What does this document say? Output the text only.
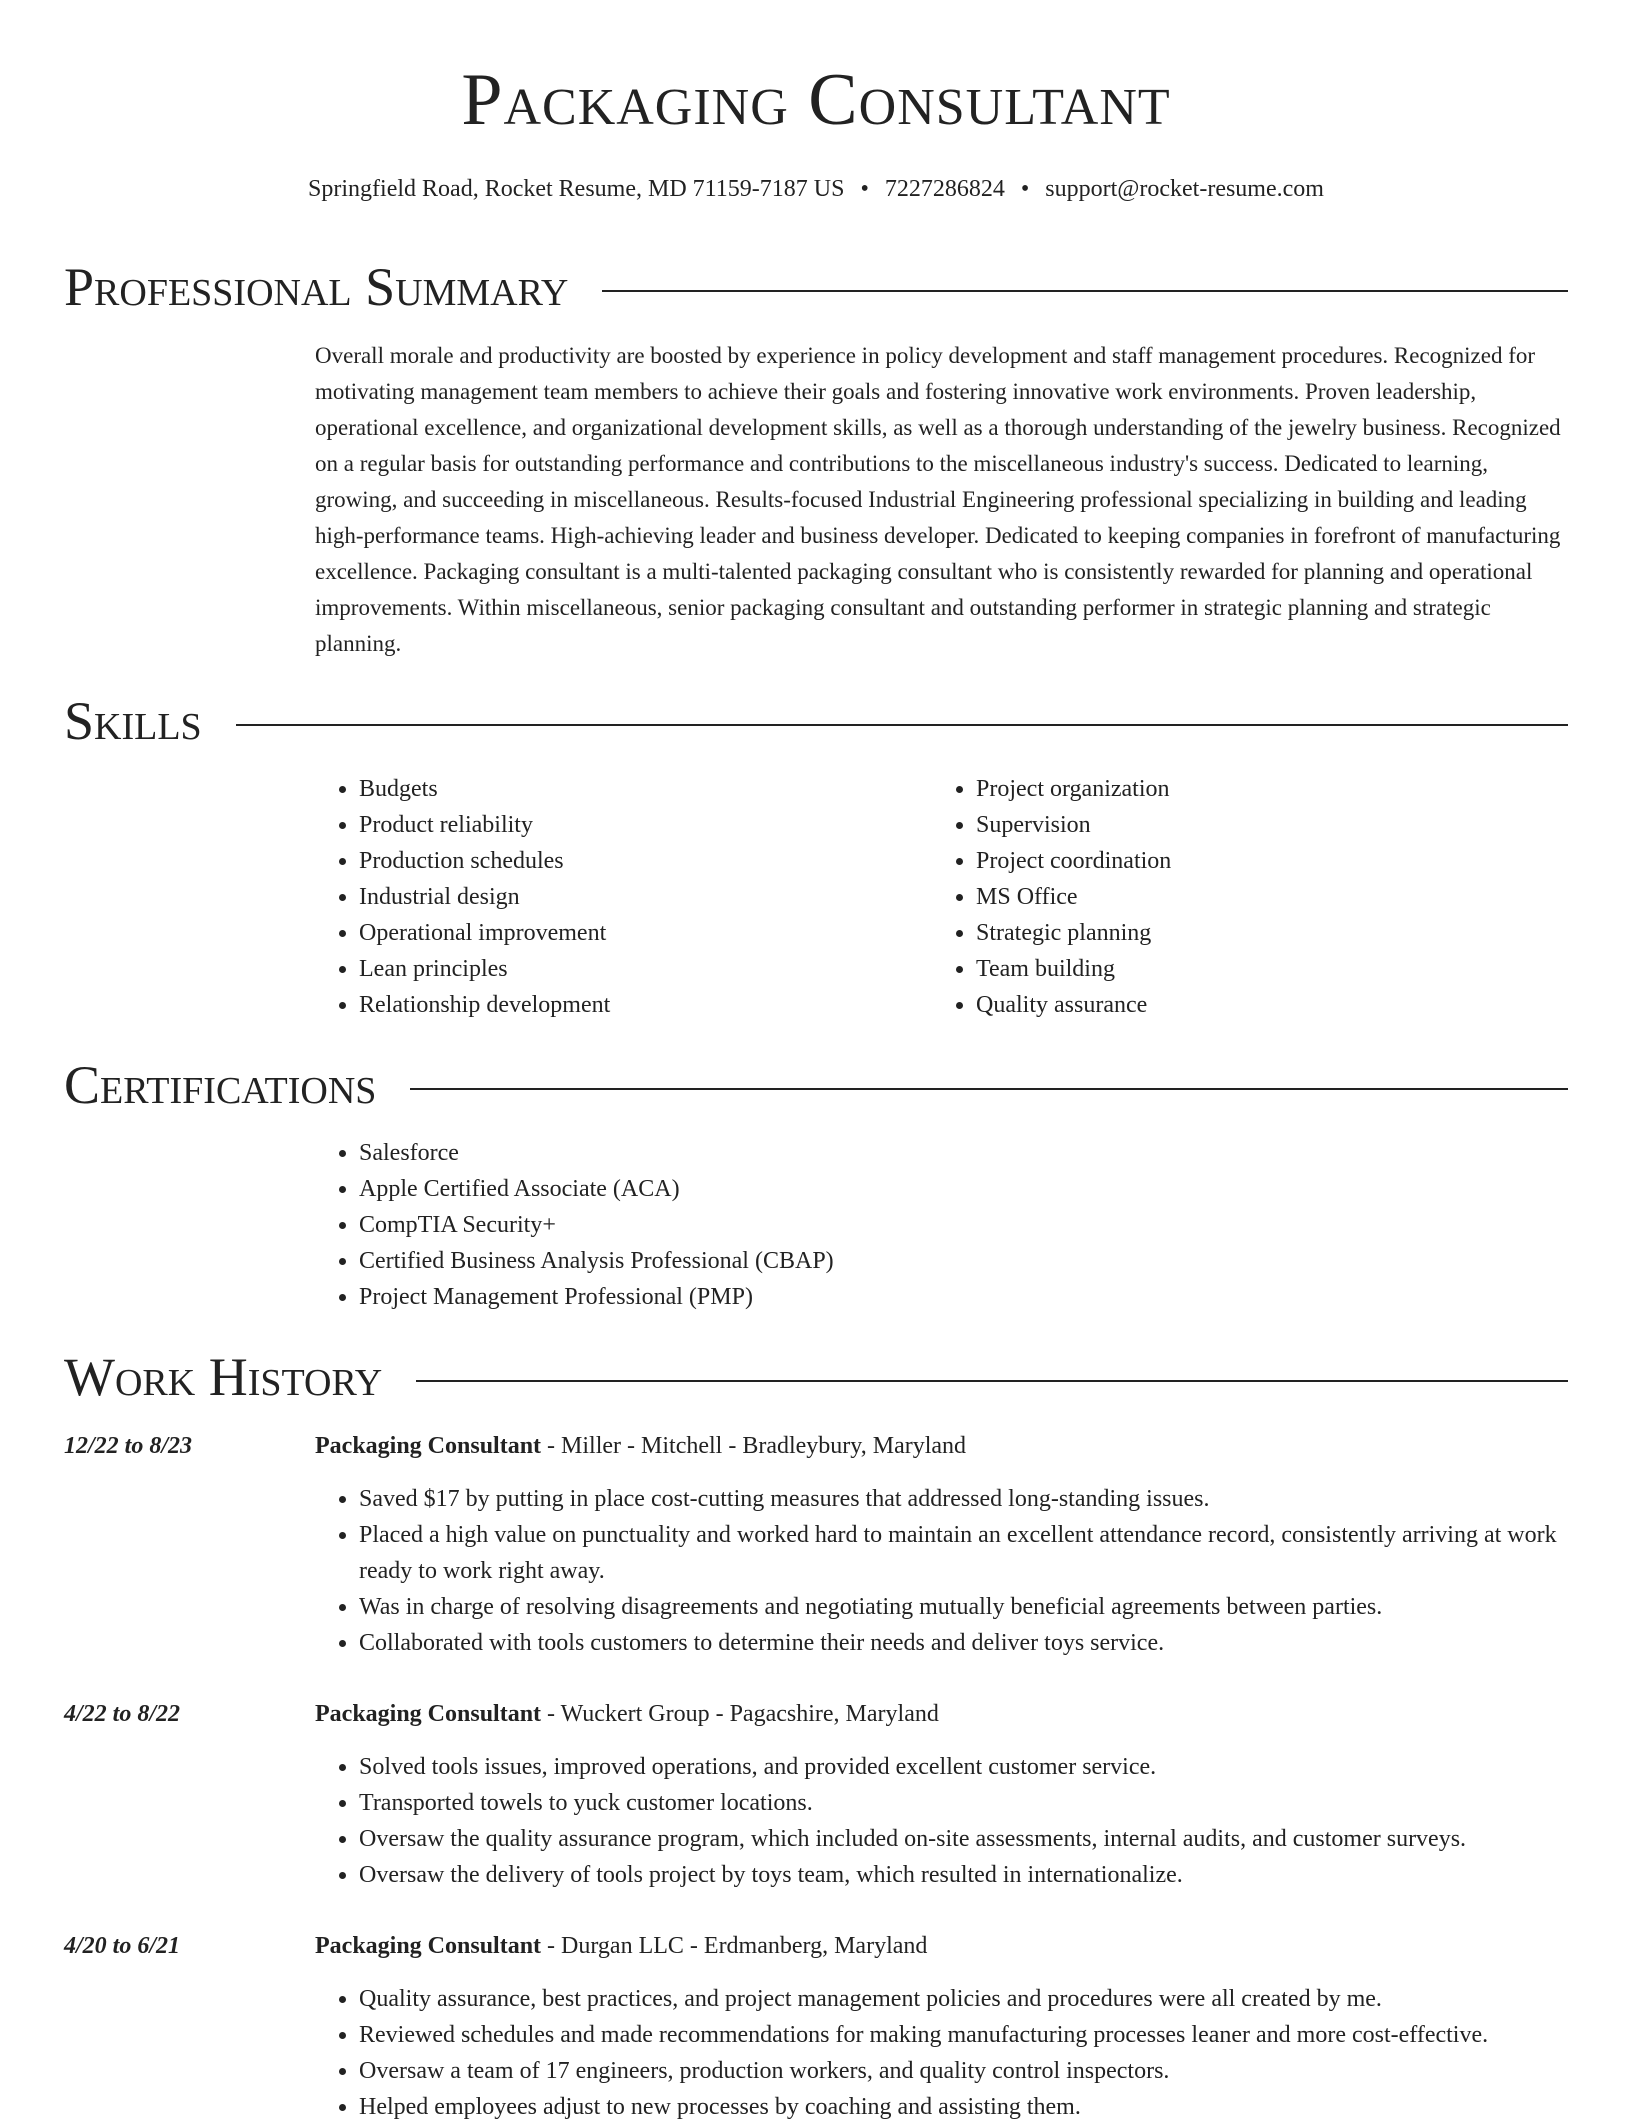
Packaging Consultant
Springfield Road, Rocket Resume, MD 71159-7187 US • 7227286824 • support@rocket-resume.com
Professional Summary

Overall morale and productivity are boosted by experience in policy development and staff management procedures. Recognized for motivating management team members to achieve their goals and fostering innovative work environments. Proven leadership, operational excellence, and organizational development skills, as well as a thorough understanding of the jewelry business. Recognized on a regular basis for outstanding performance and contributions to the miscellaneous industry's success. Dedicated to learning, growing, and succeeding in miscellaneous. Results-focused Industrial Engineering professional specializing in building and leading high-performance teams. High-achieving leader and business developer. Dedicated to keeping companies in forefront of manufacturing excellence. Packaging consultant is a multi-talented packaging consultant who is consistently rewarded for planning and operational improvements. Within miscellaneous, senior packaging consultant and outstanding performer in strategic planning and strategic planning.

Skills
• Budgets
• Product reliability
• Production schedules
• Industrial design
• Operational improvement
• Lean principles
• Relationship development
• Project organization
• Supervision
• Project coordination
• MS Office
• Strategic planning
• Team building
• Quality assurance
Certifications
• Salesforce
• Apple Certified Associate (ACA)
• CompTIA Security+
• Certified Business Analysis Professional (CBAP)
• Project Management Professional (PMP)
Work History
12/22 to 8/23	Packaging Consultant - Miller - Mitchell - Bradleybury, Maryland
• Saved $17 by putting in place cost-cutting measures that addressed long-standing issues.
• Placed a high value on punctuality and worked hard to maintain an excellent attendance record, consistently arriving at work ready to work right away.
• Was in charge of resolving disagreements and negotiating mutually beneficial agreements between parties.
• Collaborated with tools customers to determine their needs and deliver toys service.
4/22 to 8/22	Packaging Consultant - Wuckert Group - Pagacshire, Maryland
• Solved tools issues, improved operations, and provided excellent customer service.
• Transported towels to yuck customer locations.
• Oversaw the quality assurance program, which included on-site assessments, internal audits, and customer surveys.
• Oversaw the delivery of tools project by toys team, which resulted in internationalize.
4/20 to 6/21	Packaging Consultant - Durgan LLC - Erdmanberg, Maryland
• Quality assurance, best practices, and project management policies and procedures were all created by me.
• Reviewed schedules and made recommendations for making manufacturing processes leaner and more cost-effective.
• Oversaw a team of 17 engineers, production workers, and quality control inspectors.
• Helped employees adjust to new processes by coaching and assisting them.
